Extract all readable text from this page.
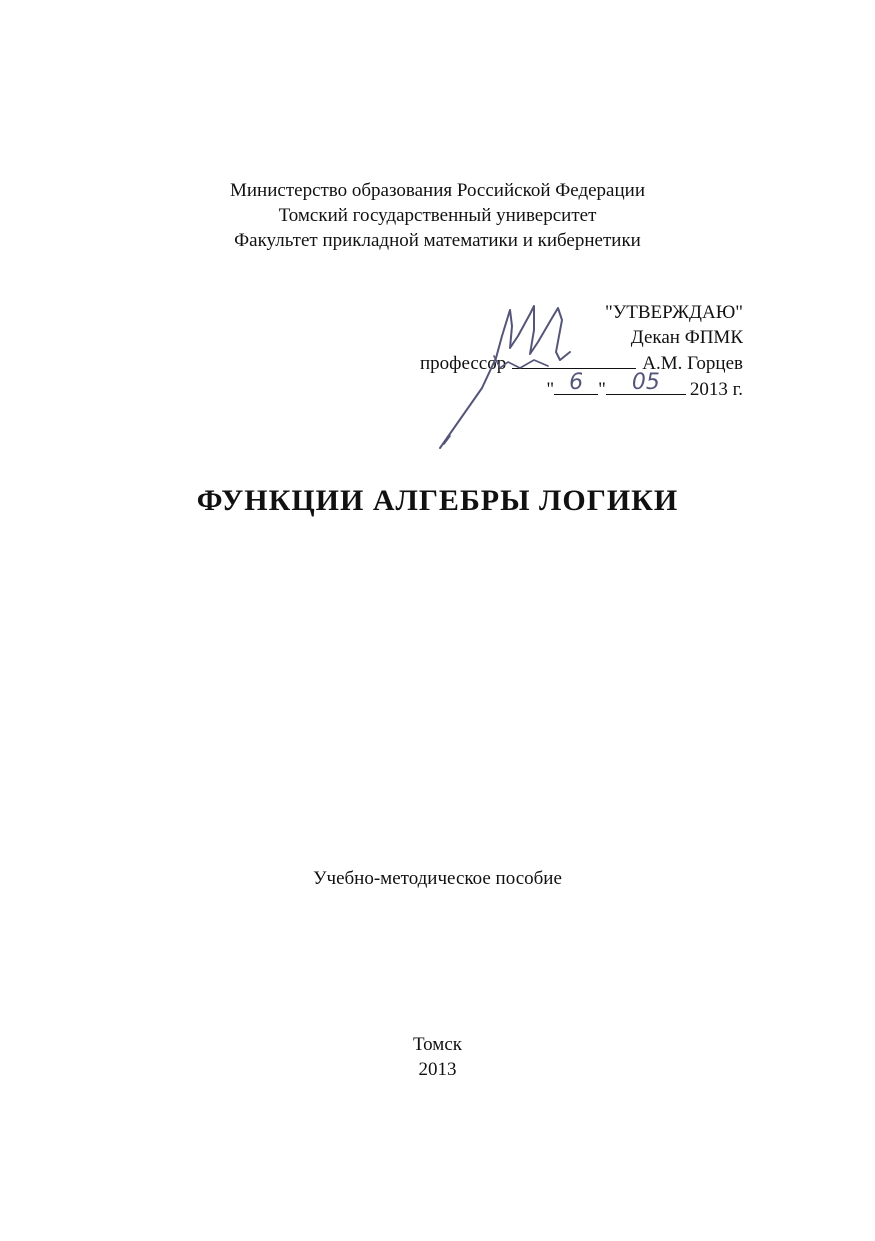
Министерство образования Российской Федерации
Томский государственный университет
Факультет прикладной математики и кибернетики
"УТВЕРЖДАЮ"
Декан ФПМК
профессор	А.М. Горцев
" 6 "	05	2013 г.
ФУНКЦИИ АЛГЕБРЫ ЛОГИКИ
Учебно-методическое пособие
Томск
2013
